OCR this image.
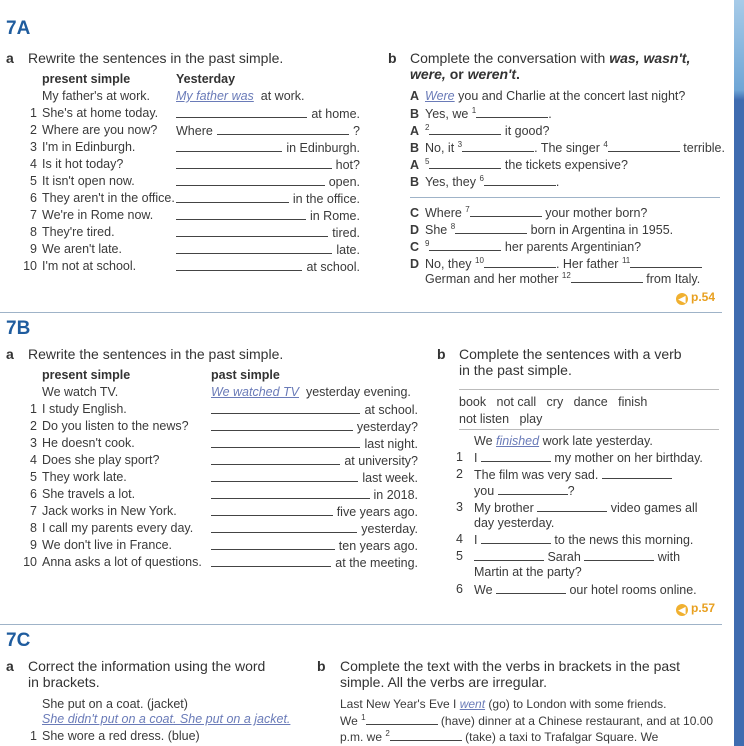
7A
a Rewrite the sentences in the past simple.
present simple	Yesterday
My father's at work. My father was at work.
1 She's at home today.	at home.
2 Where are you now? Where	?
3 I'm in Edinburgh.	in Edinburgh.
4 Is it hot today?	hot?
5 It isn't open now.	open.
6 They aren't in the office.	in the office.
7 We're in Rome now.	in Rome.
8 They're tired.	tired.
9 We aren't late.	late.
10 I'm not at school.	at school.
b Complete the conversation with was, wasn't,
were, or weren't.
A Were you and Charlie at the concert last night?
B Yes, we $^1$	.
A $^2$	it good?
B No, it $^3$	. The singer $^4$	terrible.
A $^5$	the tickets expensive?
B Yes, they $^6$	.
C Where $^7$	your mother born?
D She $^8$	born in Argentina in 1955.
C $^9$	her parents Argentinian?
D No, they $^{10}$	. Her father $^{11}$
German and her mother $^{12}$	from Italy.
◀ p.54
7B
a Rewrite the sentences in the past simple.
present simple	past simple
We watch TV.	We watched TV yesterday evening.
1 I study English.	at school.
2 Do you listen to the news?	yesterday?
3 He doesn't cook.	last night.
4 Does she play sport?	at university?
5 They work late.	last week.
6 She travels a lot.	in 2018.
7 Jack works in New York.	five years ago.
8 I call my parents every day.	yesterday.
9 We don't live in France.	ten years ago.
10 Anna asks a lot of questions.	at the meeting.
b Complete the sentences with a verb
in the past simple.
book   not call   cry   dance   finish
not listen   play
We finished work late yesterday.
1 I	my mother on her birthday.
2 The film was very sad.
you	?
3 My brother	video games all
day yesterday.
4 I	to the news this morning.
5	Sarah	with
Martin at the party?
6 We	our hotel rooms online.
◀ p.57
7C
a Correct the information using the word
in brackets.
She put on a coat. (jacket)
She didn't put on a coat. She put on a jacket.
1 She wore a red dress. (blue)
b Complete the text with the verbs in brackets in the past
simple. All the verbs are irregular.
Last New Year's Eve I went (go) to London with some friends.
We $^1$	(have) dinner at a Chinese restaurant, and at 10.00
p.m. we $^2$	(take) a taxi to Trafalgar Square. We
